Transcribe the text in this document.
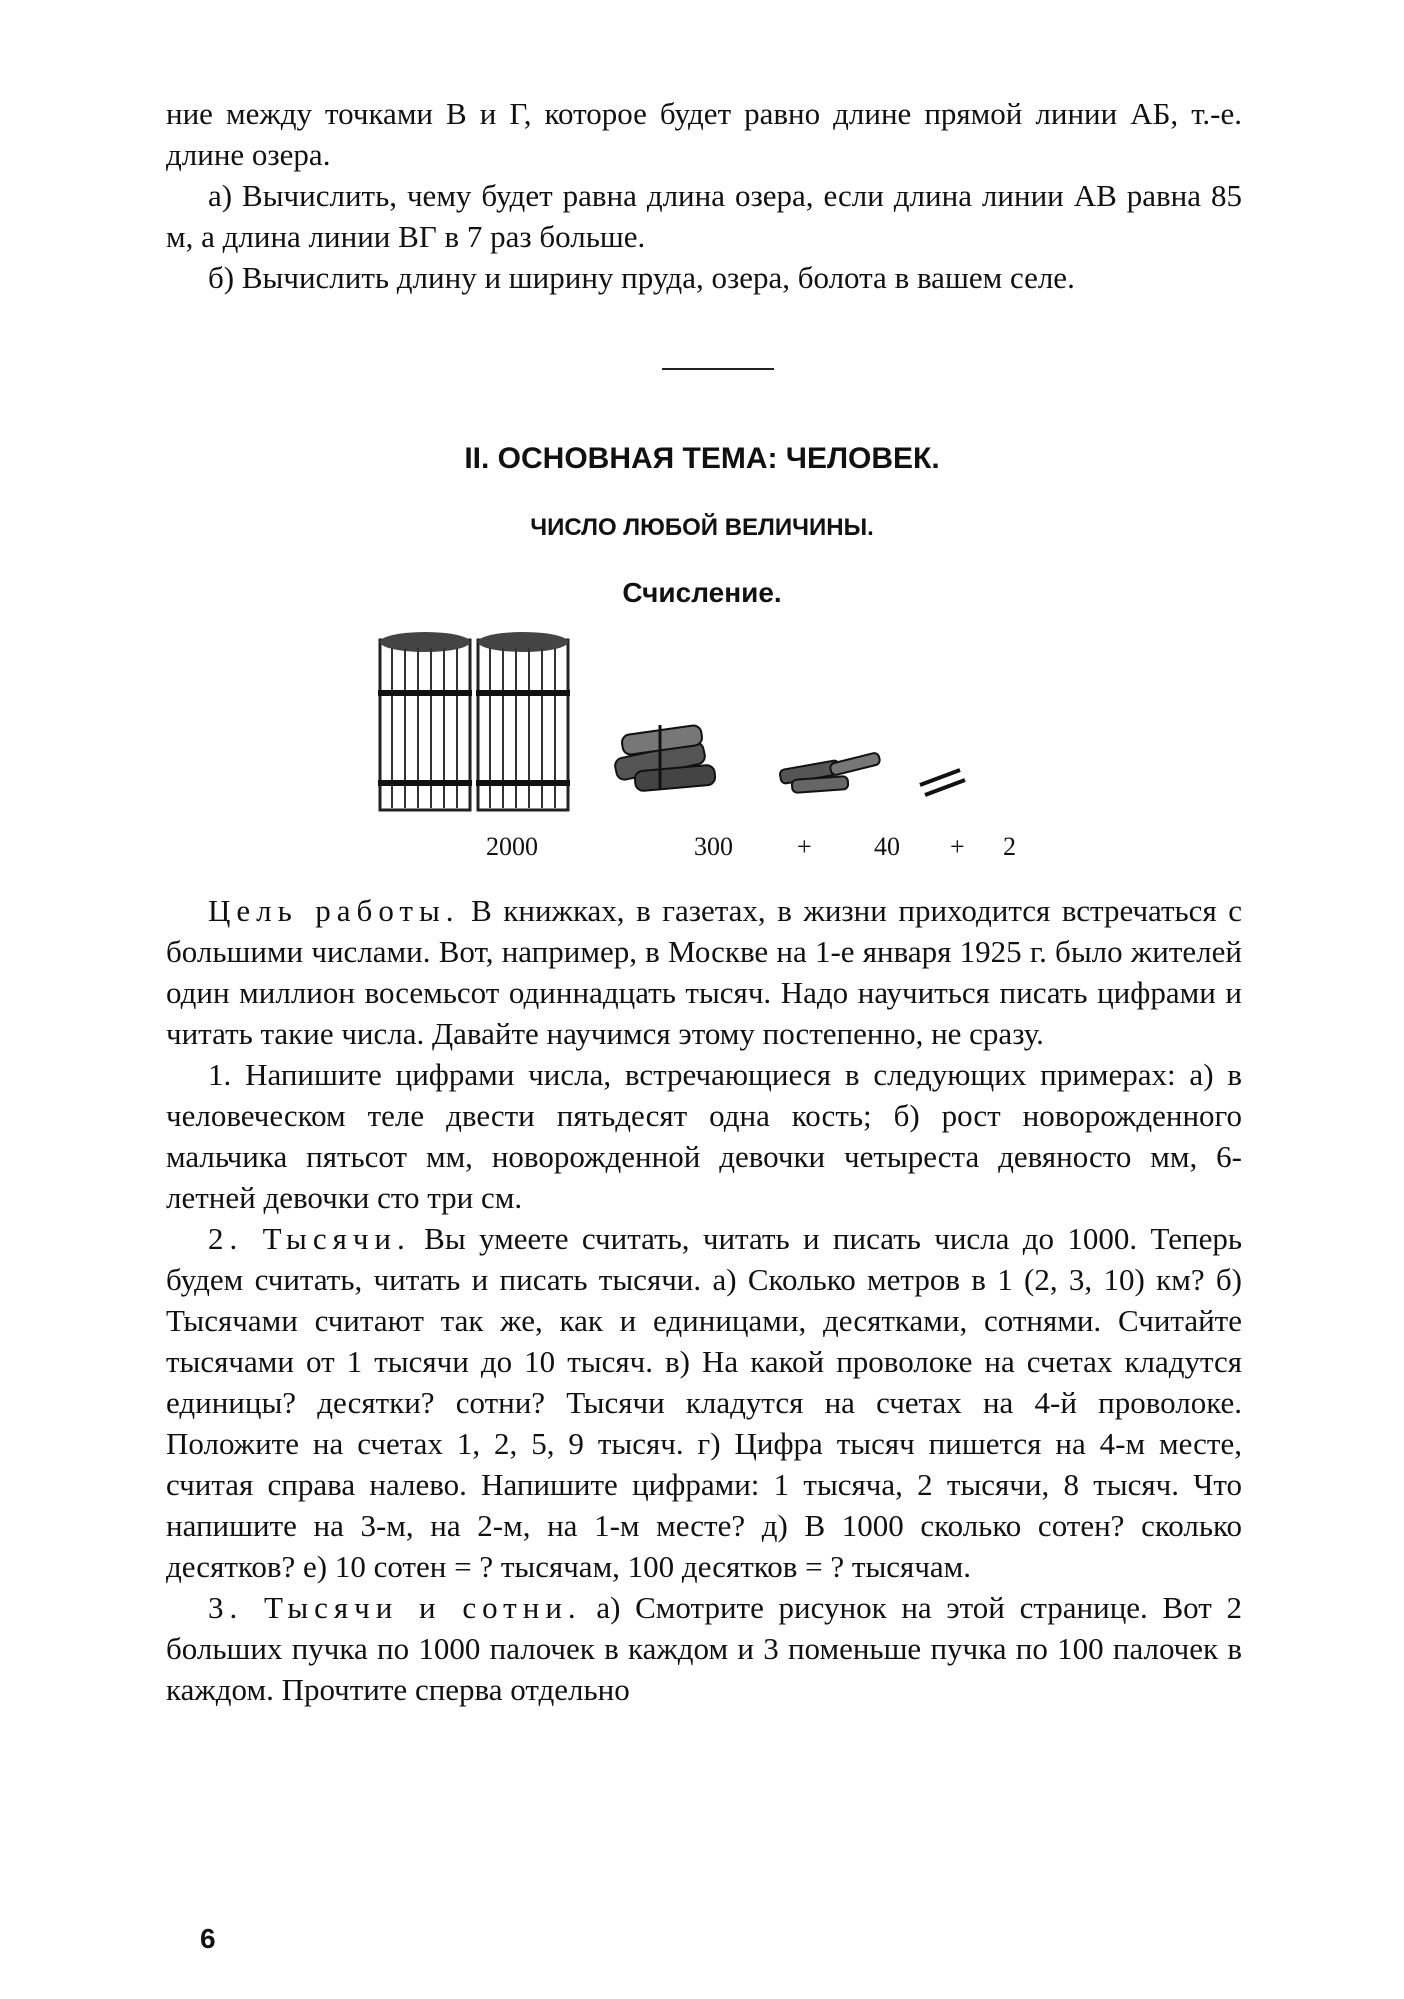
ние между точками В и Г, которое будет равно длине прямой линии АБ, т.-е. длине озера.

а) Вычислить, чему будет равна длина озера, если длина линии АВ равна 85 м, а длина линии ВГ в 7 раз больше.

б) Вычислить длину и ширину пруда, озера, болота в вашем селе.

II. ОСНОВНАЯ ТЕМА: ЧЕЛОВЕК.
ЧИСЛО ЛЮБОЙ ВЕЛИЧИНЫ.
Счисление.
2000	300 + 40 + 2

Цель работы. В книжках, в газетах, в жизни приходится встречаться с большими числами. Вот, например, в Москве на 1-е января 1925 г. было жителей один миллион восемьсот одиннадцать тысяч. Надо научиться писать цифрами и читать такие числа. Давайте научимся этому постепенно, не сразу.

1. Напишите цифрами числа, встречающиеся в следующих примерах: а) в человеческом теле двести пятьдесят одна кость; б) рост новорожденного мальчика пятьсот мм, новорожденной девочки четыреста девяносто мм, 6-летней девочки сто три см.

2. Тысячи. Вы умеете считать, читать и писать числа до 1000. Теперь будем считать, читать и писать тысячи. а) Сколько метров в 1 (2, 3, 10) км? б) Тысячами считают так же, как и единицами, десятками, сотнями. Считайте тысячами от 1 тысячи до 10 тысяч. в) На какой проволоке на счетах кладутся единицы? десятки? сотни? Тысячи кладутся на счетах на 4-й проволоке. Положите на счетах 1, 2, 5, 9 тысяч. г) Цифра тысяч пишется на 4-м месте, считая справа налево. Напишите цифрами: 1 тысяча, 2 тысячи, 8 тысяч. Что напишите на 3-м, на 2-м, на 1-м месте? д) В 1000 сколько сотен? сколько десятков? е) 10 сотен = ? тысячам, 100 десятков = ? тысячам.

3. Тысячи и сотни. а) Смотрите рисунок на этой странице. Вот 2 больших пучка по 1000 палочек в каждом и 3 поменьше пучка по 100 палочек в каждом. Прочтите сперва отдельно

6
